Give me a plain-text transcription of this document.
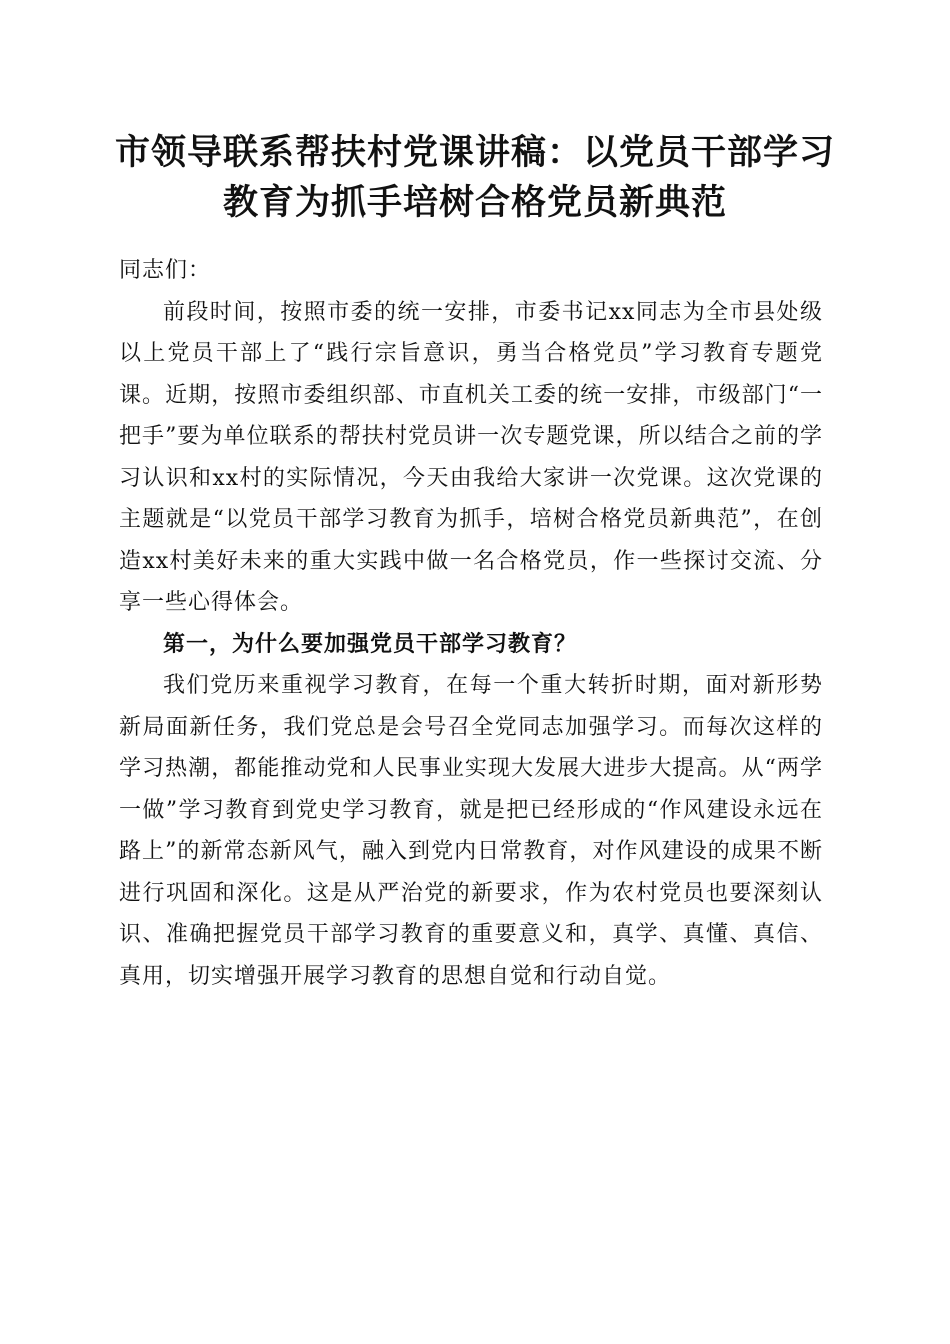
市领导联系帮扶村党课讲稿：以党员干部学习
教育为抓手培树合格党员新典范

同志们：

前段时间，按照市委的统一安排，市委书记xx同志为全市县处级以上党员干部上了“践行宗旨意识，勇当合格党员”学习教育专题党课。近期，按照市委组织部、市直机关工委的统一安排，市级部门“一把手”要为单位联系的帮扶村党员讲一次专题党课，所以结合之前的学习认识和xx村的实际情况，今天由我给大家讲一次党课。这次党课的主题就是“以党员干部学习教育为抓手，培树合格党员新典范”，在创造xx村美好未来的重大实践中做一名合格党员，作一些探讨交流、分享一些心得体会。

第一，为什么要加强党员干部学习教育？

我们党历来重视学习教育，在每一个重大转折时期，面对新形势新局面新任务，我们党总是会号召全党同志加强学习。而每次这样的学习热潮，都能推动党和人民事业实现大发展大进步大提高。从“两学一做”学习教育到党史学习教育，就是把已经形成的“作风建设永远在路上”的新常态新风气，融入到党内日常教育，对作风建设的成果不断进行巩固和深化。这是从严治党的新要求，作为农村党员也要深刻认识、准确把握党员干部学习教育的重要意义和，真学、真懂、真信、真用，切实增强开展学习教育的思想自觉和行动自觉。
